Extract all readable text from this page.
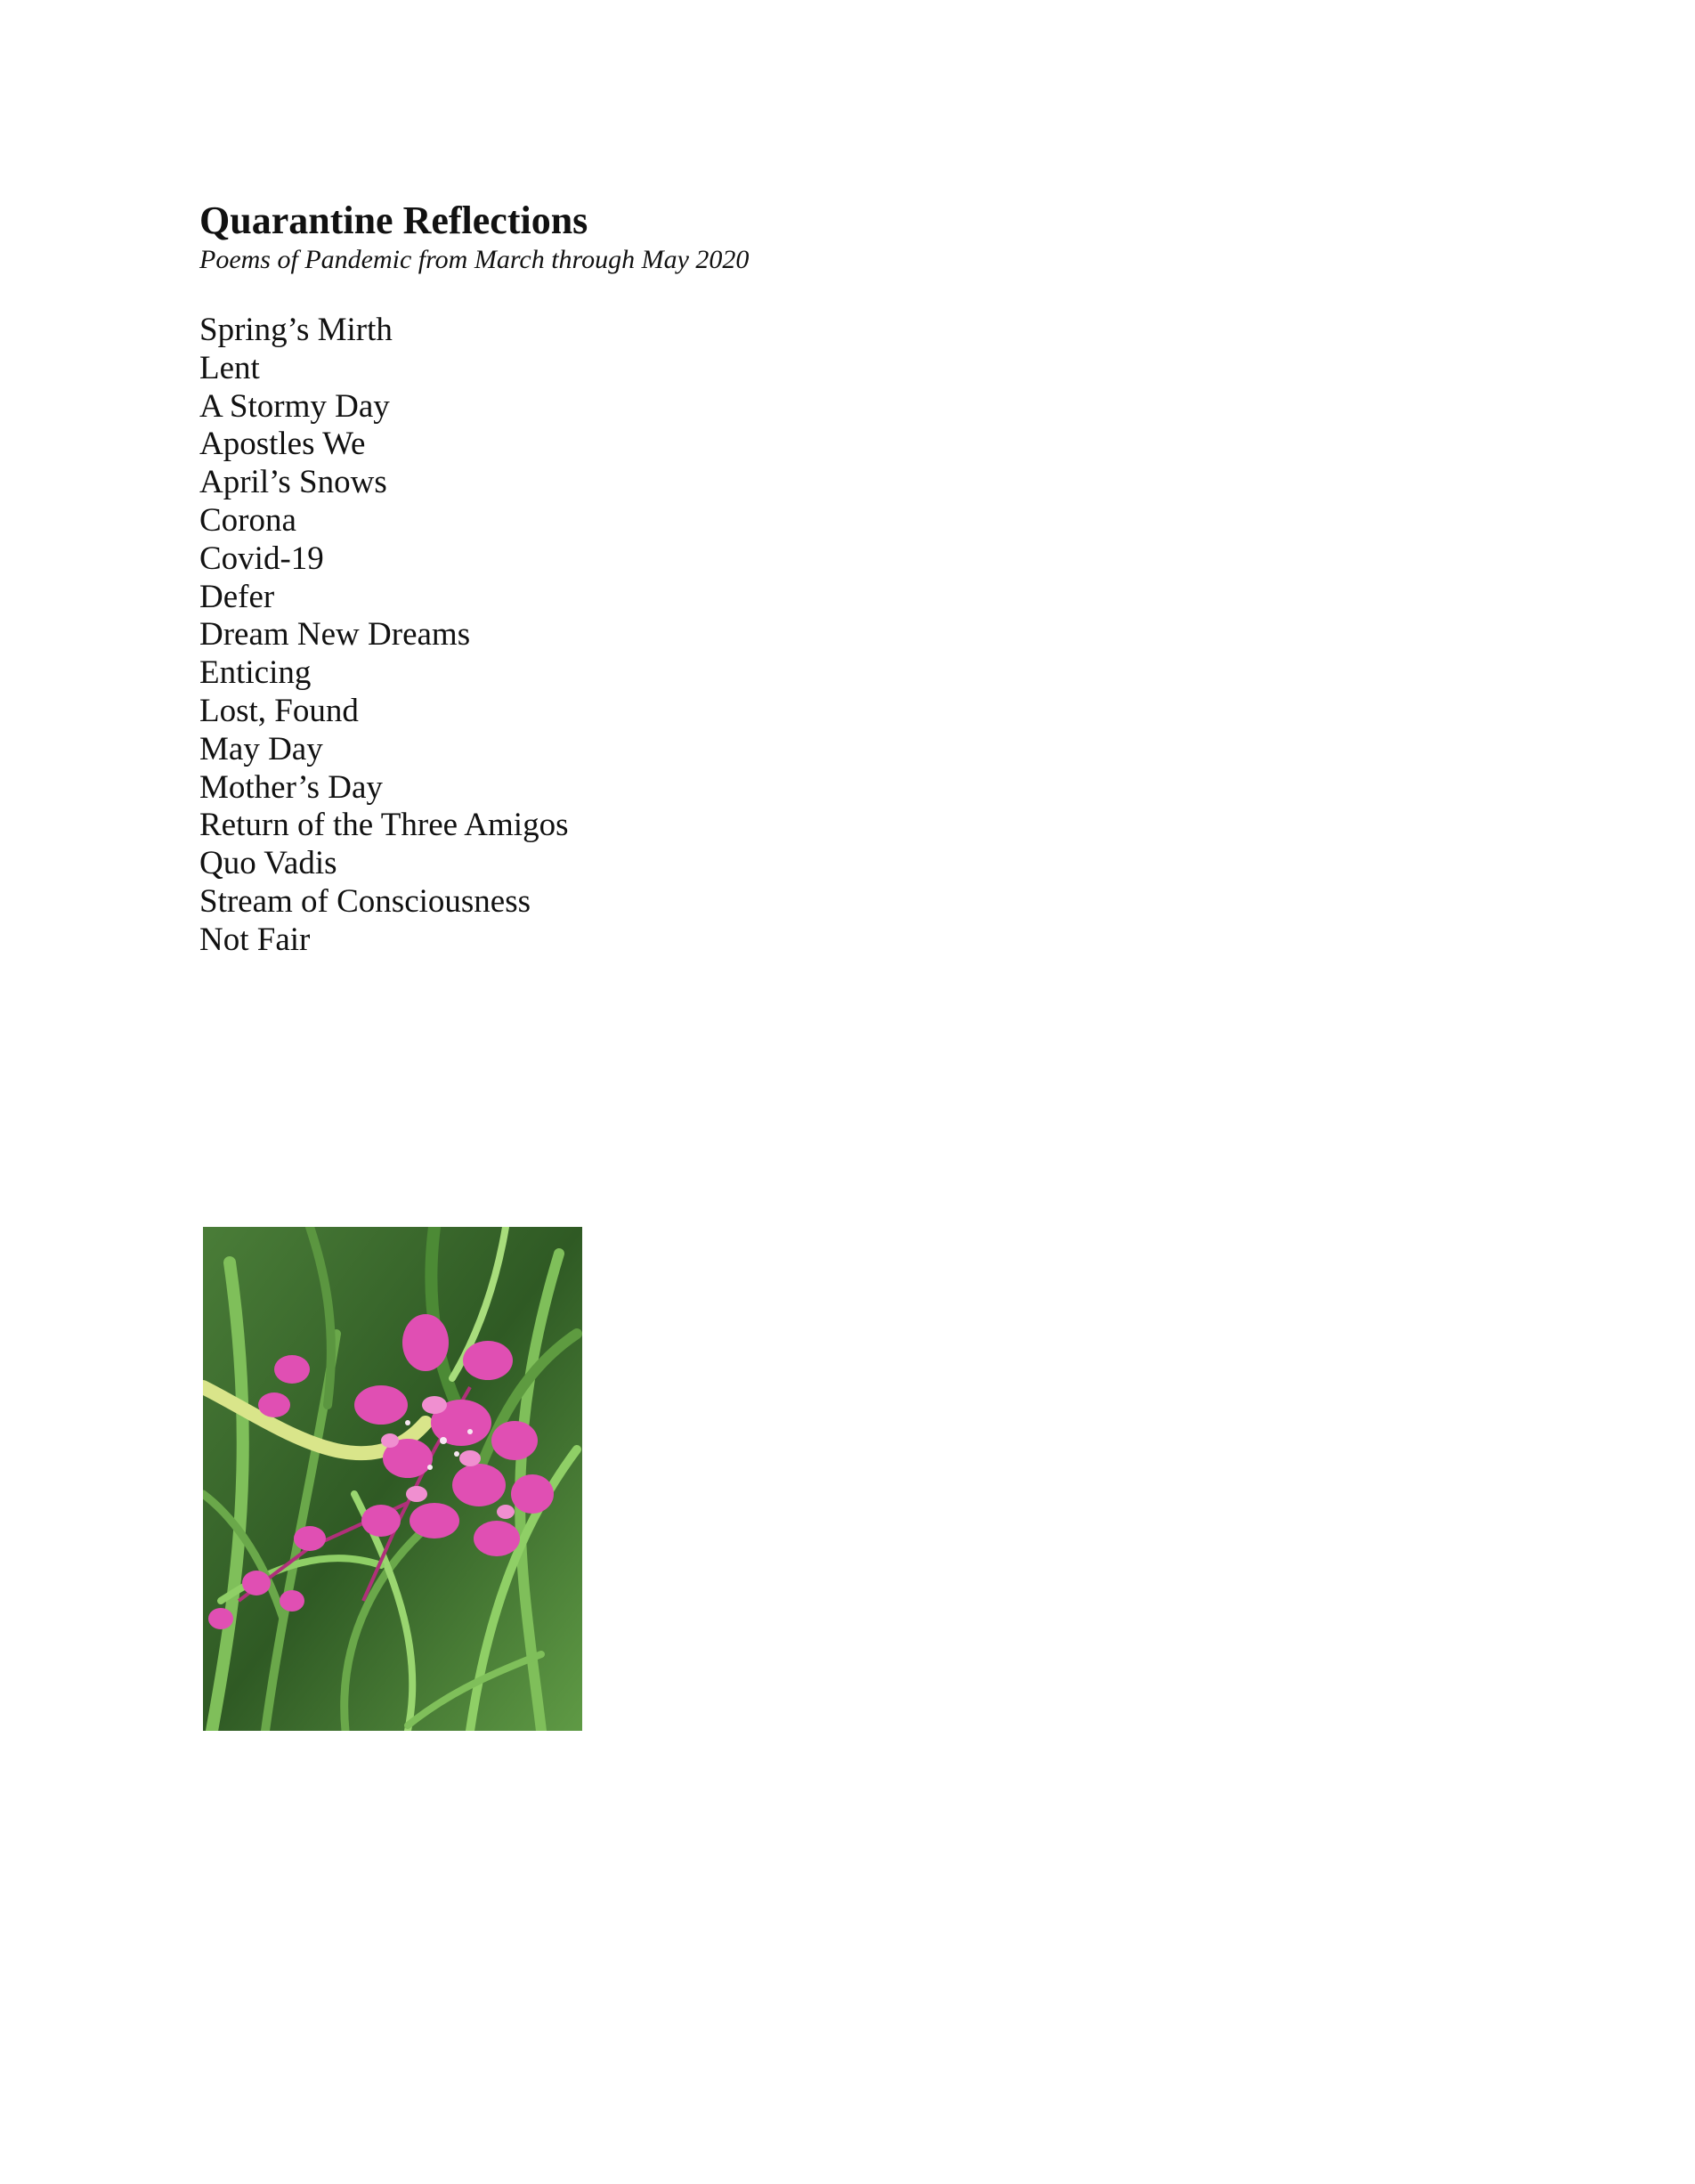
Quarantine Reflections
Poems of Pandemic from March through May 2020
Spring’s Mirth
Lent
A Stormy Day
Apostles We
April’s Snows
Corona
Covid-19
Defer
Dream New Dreams
Enticing
Lost, Found
May Day
Mother’s Day
Return of the Three Amigos
Quo Vadis
Stream of Consciousness
Not Fair
